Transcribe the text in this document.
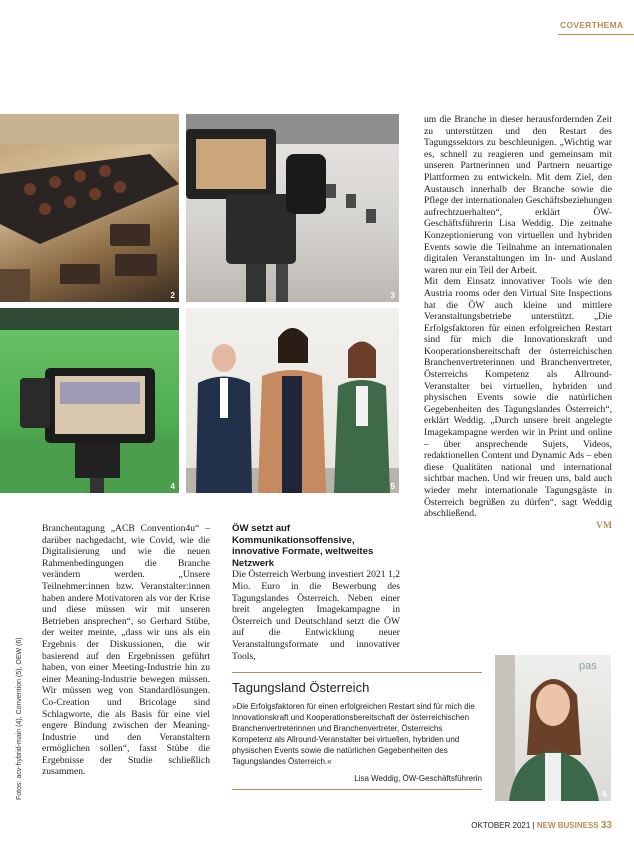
COVERTHEMA
2	3
4	5

Branchentagung „ACB Convention4u“ – darüber nachgedacht, wie Covid, wie die Digitalisierung und wie die neuen Rahmenbedingungen die Branche verändern werden. „Unsere Teilnehmer:innen bzw. Veranstalter:innen haben andere Motivatoren als vor der Krise und diese müssen wir mit unseren Betrieben ansprechen“, so Gerhard Stübe, der weiter meinte, „dass wir uns als ein Ergebnis der Diskussionen, die wir basierend auf den Ergebnissen geführt haben, von einer Meeting-Industrie hin zu einer Meaning-Industrie bewegen müssen. Wir müssen weg von Standardlösungen. Co-Creation und Bricolage sind Schlagworte, die als Basis für eine viel engere Bindung zwischen der Meaning-Industrie und den Veranstaltern ermöglichen sollen“, fasst Stübe die Ergebnisse der Studie schließlich zusammen.

ÖW setzt auf Kommunikationsoffensive, innovative Formate, weltweites Netzwerk

Die Österreich Werbung investiert 2021 1,2 Mio. Euro in die Bewerbung des Tagungslandes Österreich. Neben einer breit angelegten Imagekampagne in Österreich und Deutschland setzt die ÖW auf die Entwicklung neuer Veranstaltungsformate und innovativer Tools,

um die Branche in dieser herausfordernden Zeit zu unterstützen und den Restart des Tagungssektors zu beschleunigen. „Wichtig war es, schnell zu reagieren und gemeinsam mit unseren Partnerinnen und Partnern neuartige Plattformen zu entwickeln. Mit dem Ziel, den Austausch innerhalb der Branche sowie die Pflege der internationalen Geschäftsbeziehungen aufrechtzuerhalten“, erklärt ÖW-Geschäftsführerin Lisa Weddig. Die zeitnahe Konzeptionierung von virtuellen und hybriden Events sowie die Teilnahme an internationalen digitalen Veranstaltungen im In- und Ausland waren nur ein Teil der Arbeit.

Mit dem Einsatz innovativer Tools wie den Austria rooms oder den Virtual Site Inspections hat die ÖW auch kleine und mittlere Veranstaltungsbetriebe unterstützt. „Die Erfolgsfaktoren für einen erfolgreichen Restart sind für mich die Innovationskraft und Kooperationsbereitschaft der österreichischen Branchenvertreterinnen und Branchenvertreter, Österreichs Kompetenz als Allround-Veranstalter bei virtuellen, hybriden und physischen Events sowie die natürlichen Gegebenheiten des Tagungslandes Österreich“, erklärt Weddig. „Durch unsere breit angelegte Imagekampagne werden wir in Print und online – über ansprechende Sujets, Videos, redaktionellen Content und Dynamic Ads – eben diese Qualitäten national und international sichtbar machen. Und wir freuen uns, bald auch wieder mehr internationale Tagungsgäste in Österreich begrüßen zu dürfen“, sagt Weddig abschließend.

VM

Fotos: acv-hybrid-main (4), Convention (5), OEW (6)	Tagungsland Österreich
»Die Erfolgsfaktoren für einen erfolgreichen Restart sind für mich die Innovationskraft und Kooperationsbereitschaft der österreichischen Branchenvertreterinnen und Branchenvertreter, Österreichs Kompetenz als Allround-Veranstalter bei virtuellen, hybriden und physischen Events sowie die natürlichen Gegebenheiten des Tagungslandes Österreich.«
Lisa Weddig, ÖW-Geschäftsführerin
pas
6
OKTOBER 2021 | NEW BUSINESS 33
